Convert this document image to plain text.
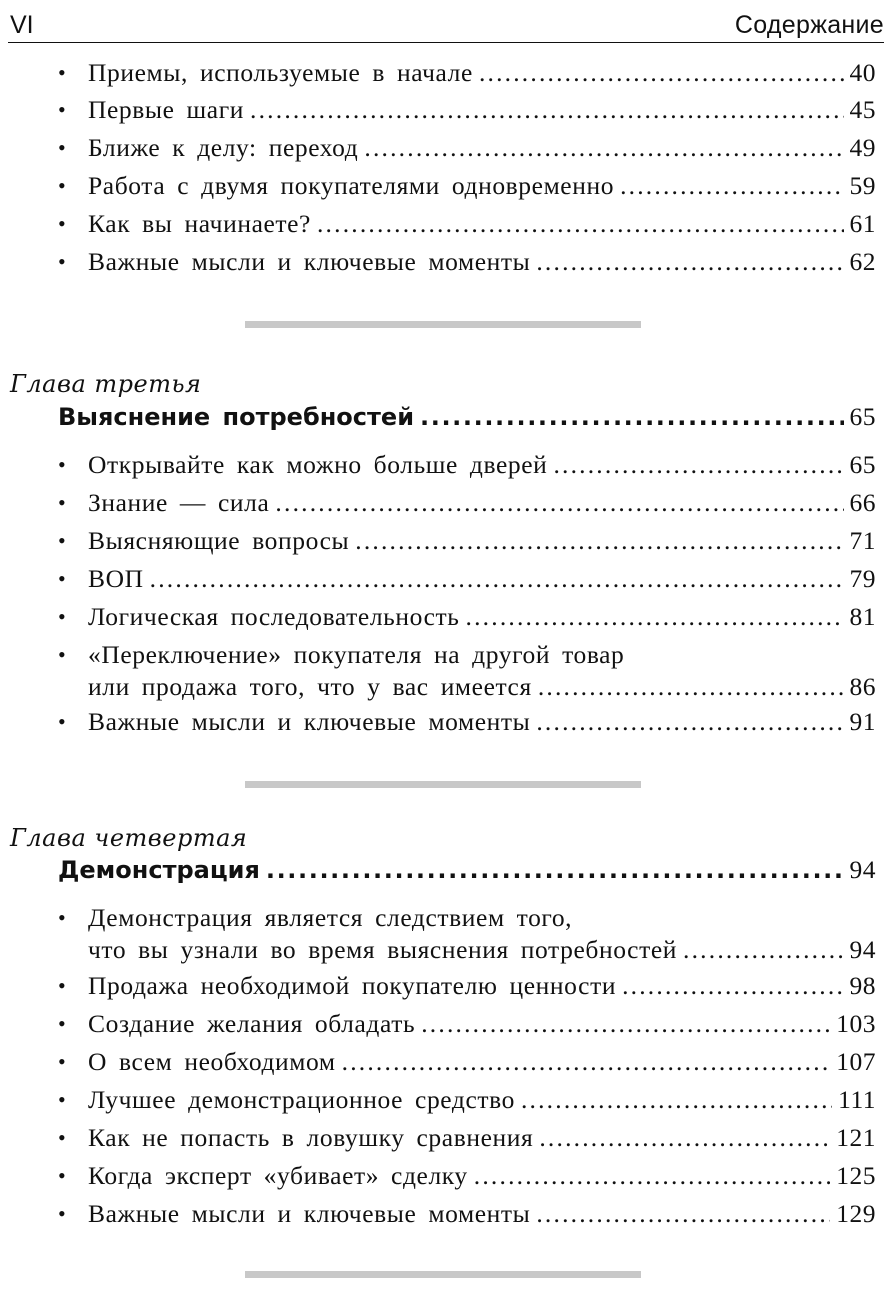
VI	Содержание
• Приемы, используемые в начале .....	40
• Первые шаги .....	45
• Ближе к делу: переход .....	49
• Работа с двумя покупателями одновременно .....	59
• Как вы начинаете? .....	61
• Важные мысли и ключевые моменты .....	62
Глава третья
Выяснение потребностей .....	65
• Открывайте как можно больше дверей .....	65
• Знание — сила .....	66
• Выясняющие вопросы .....	71
• ВОП .....	79
• Логическая последовательность .....	81
• «Переключение» покупателя на другой товар
или продажа того, что у вас имеется .....	86
• Важные мысли и ключевые моменты .....	91
Глава четвертая
Демонстрация .....	94
• Демонстрация является следствием того,
что вы узнали во время выяснения потребностей .....	94
• Продажа необходимой покупателю ценности .....	98
• Создание желания обладать .....	103
• О всем необходимом .....	107
• Лучшее демонстрационное средство .....	111
• Как не попасть в ловушку сравнения .....	121
• Когда эксперт «убивает» сделку .....	125
• Важные мысли и ключевые моменты .....	129
